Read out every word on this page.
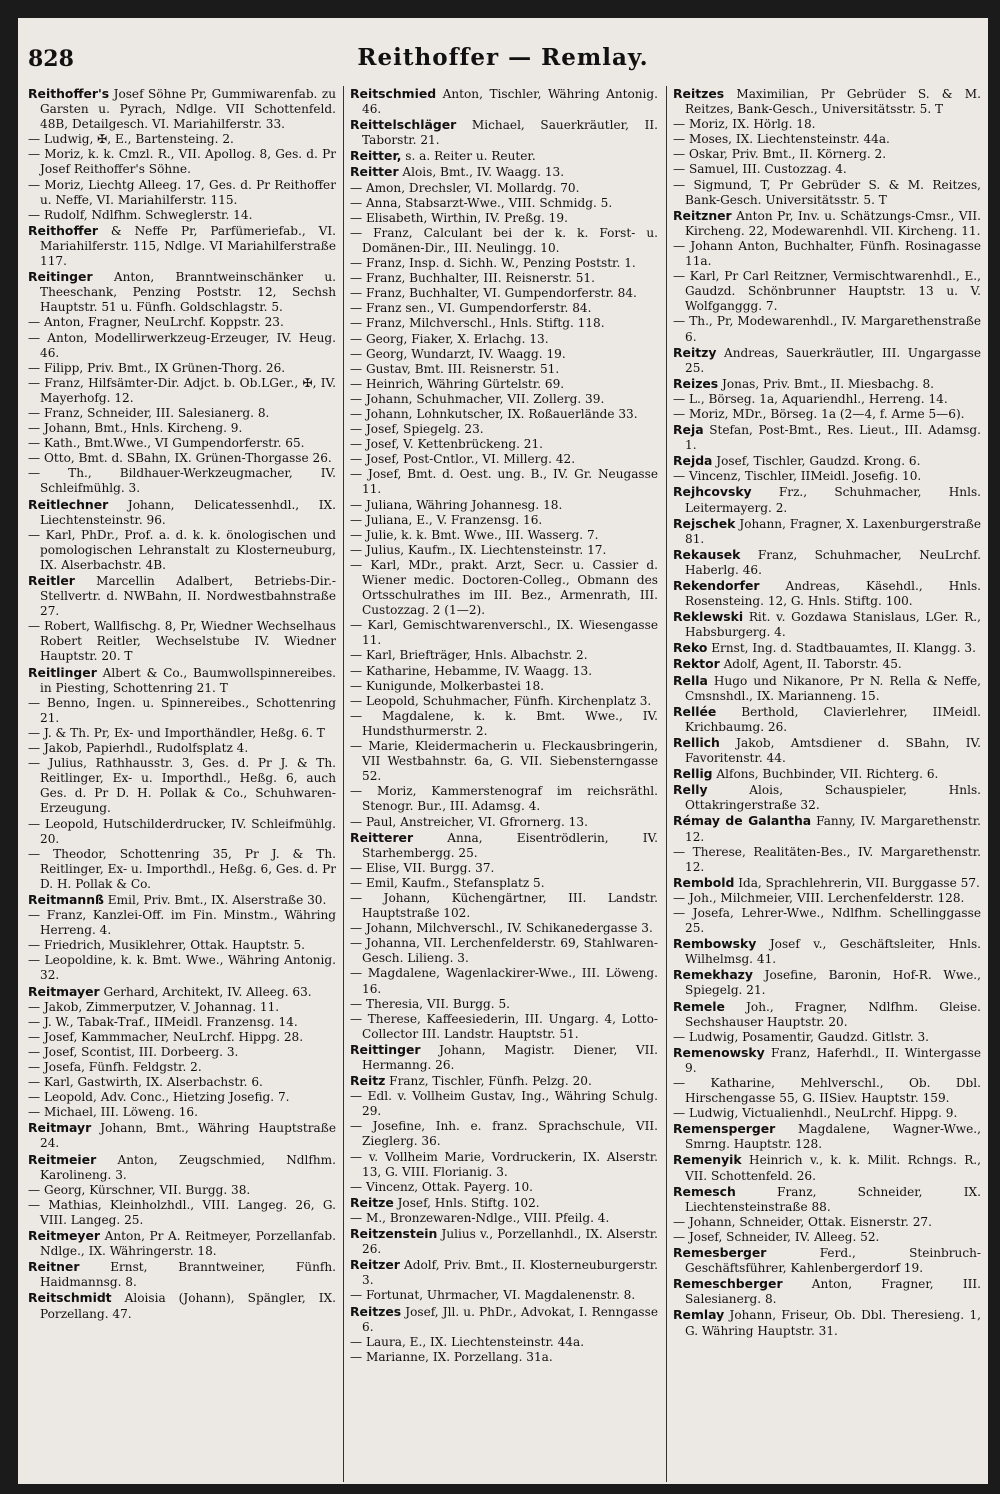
828	Reithoffer — Remlay.

Reithoffer's Josef Söhne Pr, Gummiwarenfab. zu Garsten u. Pyrach, Ndlge. VII Schottenfeld. 48B, Detailgesch. VI. Mariahilferstr. 33.

— Ludwig, ✠, E., Bartensteing. 2.

— Moriz, k. k. Cmzl. R., VII. Apollog. 8, Ges. d. Pr Josef Reithoffer's Söhne.

— Moriz, Liechtg Alleeg. 17, Ges. d. Pr Reithoffer u. Neffe, VI. Mariahilferstr. 115.

— Rudolf, Ndlfhm. Schweglerstr. 14.

Reithoffer & Neffe Pr, Parfümeriefab., VI. Mariahilferstr. 115, Ndlge. VI Mariahilferstraße 117.

Reitinger Anton, Branntweinschänker u. Theeschank, Penzing Poststr. 12, Sechsh Hauptstr. 51 u. Fünfh. Goldschlagstr. 5.

— Anton, Fragner, NeuLrchf. Koppstr. 23.

— Anton, Modellirwerkzeug-Erzeuger, IV. Heug. 46.

— Filipp, Priv. Bmt., IX Grünen-Thorg. 26.

— Franz, Hilfsämter-Dir. Adjct. b. Ob.LGer., ✠, IV. Mayerhofg. 12.

— Franz, Schneider, III. Salesianerg. 8.

— Johann, Bmt., Hnls. Kircheng. 9.

— Kath., Bmt.Wwe., VI Gumpendorferstr. 65.

— Otto, Bmt. d. SBahn, IX. Grünen-Thorgasse 26.

— Th., Bildhauer-Werkzeugmacher, IV. Schleifmühlg. 3.

Reitlechner Johann, Delicatessenhdl., IX. Liechtensteinstr. 96.

— Karl, PhDr., Prof. a. d. k. k. önologischen und pomologischen Lehranstalt zu Klosterneuburg, IX. Alserbachstr. 4B.

Reitler Marcellin Adalbert, Betriebs-Dir.-Stellvertr. d. NWBahn, II. Nordwestbahnstraße 27.

— Robert, Wallfischg. 8, Pr, Wiedner Wechselhaus Robert Reitler, Wechselstube IV. Wiedner Hauptstr. 20. T

Reitlinger Albert & Co., Baumwollspinnereibes. in Piesting, Schottenring 21. T

— Benno, Ingen. u. Spinnereibes., Schottenring 21.

— J. & Th. Pr, Ex- und Importhändler, Heßg. 6. T

— Jakob, Papierhdl., Rudolfsplatz 4.

— Julius, Rathhausstr. 3, Ges. d. Pr J. & Th. Reitlinger, Ex- u. Importhdl., Heßg. 6, auch Ges. d. Pr D. H. Pollak & Co., Schuhwaren-Erzeugung.

— Leopold, Hutschilderdrucker, IV. Schleifmühlg. 20.

— Theodor, Schottenring 35, Pr J. & Th. Reitlinger, Ex- u. Importhdl., Heßg. 6, Ges. d. Pr D. H. Pollak & Co.

Reitmannß Emil, Priv. Bmt., IX. Alserstraße 30.

— Franz, Kanzlei-Off. im Fin. Minstm., Währing Herreng. 4.

— Friedrich, Musiklehrer, Ottak. Hauptstr. 5.

— Leopoldine, k. k. Bmt. Wwe., Währing Antonig. 32.

Reitmayer Gerhard, Architekt, IV. Alleeg. 63.

— Jakob, Zimmerputzer, V. Johannag. 11.

— J. W., Tabak-Traf., IIMeidl. Franzensg. 14.

— Josef, Kammmacher, NeuLrchf. Hippg. 28.

— Josef, Scontist, III. Dorbeerg. 3.

— Josefa, Fünfh. Feldgstr. 2.

— Karl, Gastwirth, IX. Alserbachstr. 6.

— Leopold, Adv. Conc., Hietzing Josefig. 7.

— Michael, III. Löweng. 16.

Reitmayr Johann, Bmt., Währing Hauptstraße 24.

Reitmeier Anton, Zeugschmied, Ndlfhm. Karolineng. 3.

— Georg, Kürschner, VII. Burgg. 38.

— Mathias, Kleinholzhdl., VIII. Langeg. 26, G. VIII. Langeg. 25.

Reitmeyer Anton, Pr A. Reitmeyer, Porzellanfab. Ndlge., IX. Währingerstr. 18.

Reitner Ernst, Branntweiner, Fünfh. Haidmannsg. 8.

Reitschmidt Aloisia (Johann), Spängler, IX. Porzellang. 47.

Reitschmied Anton, Tischler, Währing Antonig. 46.

Reittelschläger Michael, Sauerkräutler, II. Taborstr. 21.

Reitter, s. a. Reiter u. Reuter.

Reitter Alois, Bmt., IV. Waagg. 13.

— Amon, Drechsler, VI. Mollardg. 70.

— Anna, Stabsarzt-Wwe., VIII. Schmidg. 5.

— Elisabeth, Wirthin, IV. Preßg. 19.

— Franz, Calculant bei der k. k. Forst- u. Domänen-Dir., III. Neulingg. 10.

— Franz, Insp. d. Sichh. W., Penzing Poststr. 1.

— Franz, Buchhalter, III. Reisnerstr. 51.

— Franz, Buchhalter, VI. Gumpendorferstr. 84.

— Franz sen., VI. Gumpendorferstr. 84.

— Franz, Milchverschl., Hnls. Stiftg. 118.

— Georg, Fiaker, X. Erlachg. 13.

— Georg, Wundarzt, IV. Waagg. 19.

— Gustav, Bmt. III. Reisnerstr. 51.

— Heinrich, Währing Gürtelstr. 69.

— Johann, Schuhmacher, VII. Zollerg. 39.

— Johann, Lohnkutscher, IX. Roßauerlände 33.

— Josef, Spiegelg. 23.

— Josef, V. Kettenbrückeng. 21.

— Josef, Post-Cntlor., VI. Millerg. 42.

— Josef, Bmt. d. Oest. ung. B., IV. Gr. Neugasse 11.

— Juliana, Währing Johannesg. 18.

— Juliana, E., V. Franzensg. 16.

— Julie, k. k. Bmt. Wwe., III. Wasserg. 7.

— Julius, Kaufm., IX. Liechtensteinstr. 17.

— Karl, MDr., prakt. Arzt, Secr. u. Cassier d. Wiener medic. Doctoren-Colleg., Obmann des Ortsschulrathes im III. Bez., Armenrath, III. Custozzag. 2 (1—2).

— Karl, Gemischtwarenverschl., IX. Wiesengasse 11.

— Karl, Briefträger, Hnls. Albachstr. 2.

— Katharine, Hebamme, IV. Waagg. 13.

— Kunigunde, Molkerbastei 18.

— Leopold, Schuhmacher, Fünfh. Kirchenplatz 3.

— Magdalene, k. k. Bmt. Wwe., IV. Hundsthurmerstr. 2.

— Marie, Kleidermacherin u. Fleckausbringerin, VII Westbahnstr. 6a, G. VII. Siebensterngasse 52.

— Moriz, Kammerstenograf im reichsräthl. Stenogr. Bur., III. Adamsg. 4.

— Paul, Anstreicher, VI. Gfrornerg. 13.

Reitterer Anna, Eisentrödlerin, IV. Starhembergg. 25.

— Elise, VII. Burgg. 37.

— Emil, Kaufm., Stefansplatz 5.

— Johann, Küchengärtner, III. Landstr. Hauptstraße 102.

— Johann, Milchverschl., IV. Schikanedergasse 3.

— Johanna, VII. Lerchenfelderstr. 69, Stahlwaren-Gesch. Lilieng. 3.

— Magdalene, Wagenlackirer-Wwe., III. Löweng. 16.

— Theresia, VII. Burgg. 5.

— Therese, Kaffeesiederin, III. Ungarg. 4, Lotto-Collector III. Landstr. Hauptstr. 51.

Reittinger Johann, Magistr. Diener, VII. Hermanng. 26.

Reitz Franz, Tischler, Fünfh. Pelzg. 20.

— Edl. v. Vollheim Gustav, Ing., Währing Schulg. 29.

— Josefine, Inh. e. franz. Sprachschule, VII. Zieglerg. 36.

— v. Vollheim Marie, Vordruckerin, IX. Alserstr. 13, G. VIII. Florianig. 3.

— Vincenz, Ottak. Payerg. 10.

Reitze Josef, Hnls. Stiftg. 102.

— M., Bronzewaren-Ndlge., VIII. Pfeilg. 4.

Reitzenstein Julius v., Porzellanhdl., IX. Alserstr. 26.

Reitzer Adolf, Priv. Bmt., II. Klosterneuburgerstr. 3.

— Fortunat, Uhrmacher, VI. Magdalenenstr. 8.

Reitzes Josef, Jll. u. PhDr., Advokat, I. Renngasse 6.

— Laura, E., IX. Liechtensteinstr. 44a.

— Marianne, IX. Porzellang. 31a.

Reitzes Maximilian, Pr Gebrüder S. & M. Reitzes, Bank-Gesch., Universitätsstr. 5. T

— Moriz, IX. Hörlg. 18.

— Moses, IX. Liechtensteinstr. 44a.

— Oskar, Priv. Bmt., II. Körnerg. 2.

— Samuel, III. Custozzag. 4.

— Sigmund, T, Pr Gebrüder S. & M. Reitzes, Bank-Gesch. Universitätsstr. 5. T

Reitzner Anton Pr, Inv. u. Schätzungs-Cmsr., VII. Kircheng. 22, Modewarenhdl. VII. Kircheng. 11.

— Johann Anton, Buchhalter, Fünfh. Rosinagasse 11a.

— Karl, Pr Carl Reitzner, Vermischtwarenhdl., E., Gaudzd. Schönbrunner Hauptstr. 13 u. V. Wolfganggg. 7.

— Th., Pr, Modewarenhdl., IV. Margarethenstraße 6.

Reitzy Andreas, Sauerkräutler, III. Ungargasse 25.

Reizes Jonas, Priv. Bmt., II. Miesbachg. 8.

— L., Börseg. 1a, Aquariendhl., Herreng. 14.

— Moriz, MDr., Börseg. 1a (2—4, f. Arme 5—6).

Reja Stefan, Post-Bmt., Res. Lieut., III. Adamsg. 1.

Rejda Josef, Tischler, Gaudzd. Krong. 6.

— Vincenz, Tischler, IIMeidl. Josefig. 10.

Rejhcovsky Frz., Schuhmacher, Hnls. Leitermayerg. 2.

Rejschek Johann, Fragner, X. Laxenburgerstraße 81.

Rekausek Franz, Schuhmacher, NeuLrchf. Haberlg. 46.

Rekendorfer Andreas, Käsehdl., Hnls. Rosensteing. 12, G. Hnls. Stiftg. 100.

Reklewski Rit. v. Gozdawa Stanislaus, LGer. R., Habsburgerg. 4.

Reko Ernst, Ing. d. Stadtbauamtes, II. Klangg. 3.

Rektor Adolf, Agent, II. Taborstr. 45.

Rella Hugo und Nikanore, Pr N. Rella & Neffe, Cmsnshdl., IX. Marianneng. 15.

Rellée Berthold, Clavierlehrer, IIMeidl. Krichbaumg. 26.

Rellich Jakob, Amtsdiener d. SBahn, IV. Favoritenstr. 44.

Rellig Alfons, Buchbinder, VII. Richterg. 6.

Relly Alois, Schauspieler, Hnls. Ottakringerstraße 32.

Rémay de Galantha Fanny, IV. Margarethenstr. 12.

— Therese, Realitäten-Bes., IV. Margarethenstr. 12.

Rembold Ida, Sprachlehrerin, VII. Burggasse 57.

— Joh., Milchmeier, VIII. Lerchenfelderstr. 128.

— Josefa, Lehrer-Wwe., Ndlfhm. Schellinggasse 25.

Rembowsky Josef v., Geschäftsleiter, Hnls. Wilhelmsg. 41.

Remekhazy Josefine, Baronin, Hof-R. Wwe., Spiegelg. 21.

Remele Joh., Fragner, Ndlfhm. Gleise. Sechshauser Hauptstr. 20.

— Ludwig, Posamentir, Gaudzd. Gitlstr. 3.

Remenowsky Franz, Haferhdl., II. Wintergasse 9.

— Katharine, Mehlverschl., Ob. Dbl. Hirschengasse 55, G. IISiev. Hauptstr. 159.

— Ludwig, Victualienhdl., NeuLrchf. Hippg. 9.

Remensperger Magdalene, Wagner-Wwe., Smrng. Hauptstr. 128.

Remenyik Heinrich v., k. k. Milit. Rchngs. R., VII. Schottenfeld. 26.

Remesch Franz, Schneider, IX. Liechtensteinstraße 88.

— Johann, Schneider, Ottak. Eisnerstr. 27.

— Josef, Schneider, IV. Alleeg. 52.

Remesberger Ferd., Steinbruch-Geschäftsführer, Kahlenbergerdorf 19.

Remeschberger Anton, Fragner, III. Salesianerg. 8.

Remlay Johann, Friseur, Ob. Dbl. Theresieng. 1, G. Währing Hauptstr. 31.
